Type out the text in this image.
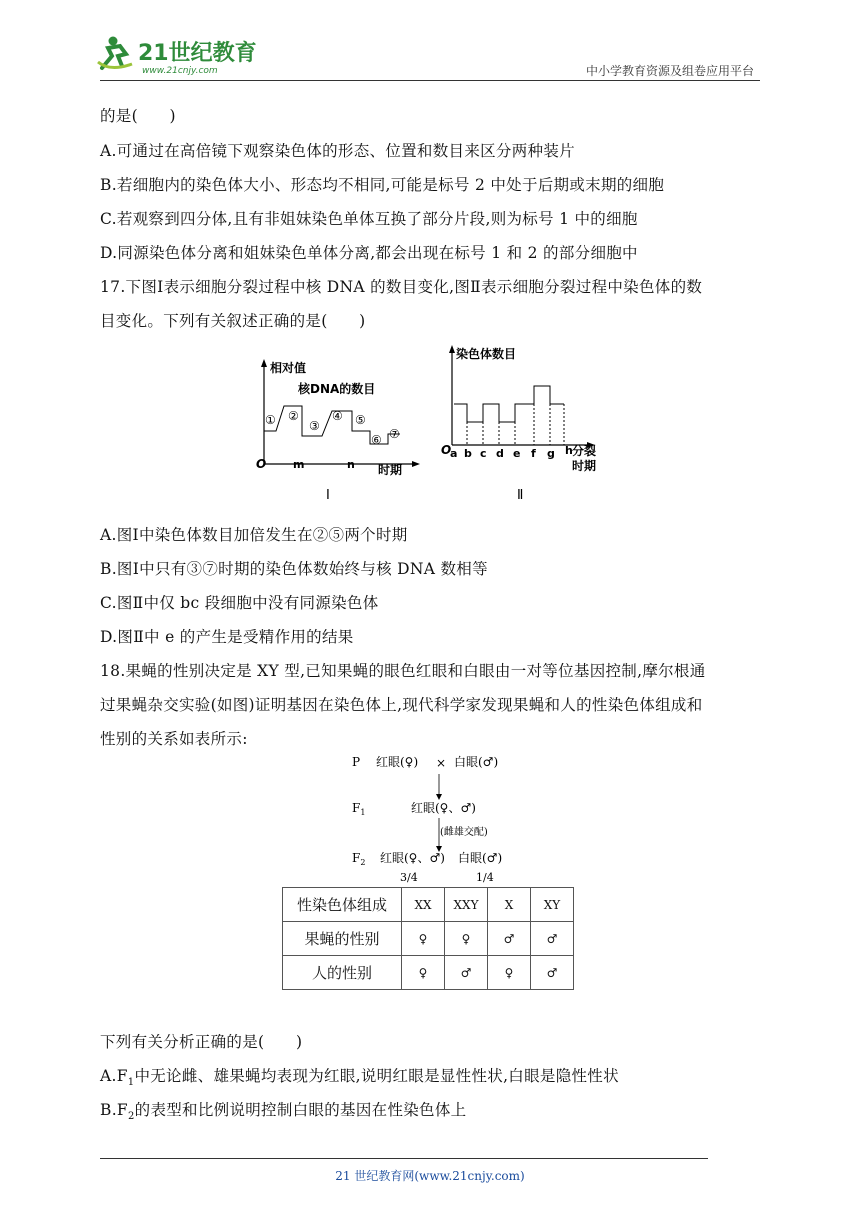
21世纪教育
www.21cnjy.com	中小学教育资源及组卷应用平台
的是(　　)
A.可通过在高倍镜下观察染色体的形态、位置和数目来区分两种装片
B.若细胞内的染色体大小、形态均不相同,可能是标号 2 中处于后期或末期的细胞
C.若观察到四分体,且有非姐妹染色单体互换了部分片段,则为标号 1 中的细胞
D.同源染色体分离和姐妹染色单体分离,都会出现在标号 1 和 2 的部分细胞中
17.下图Ⅰ表示细胞分裂过程中核 DNA 的数目变化,图Ⅱ表示细胞分裂过程中染色体的数
目变化。下列有关叙述正确的是(　　)
相对值
核DNA的数目
① ②
③
④ ⑤
⑥ ⑦
O m	n 时期
Ⅰ
染色体数目
O
a b c d e f g h 分裂
时期
Ⅱ
A.图Ⅰ中染色体数目加倍发生在②⑤两个时期
B.图Ⅰ中只有③⑦时期的染色体数始终与核 DNA 数相等
C.图Ⅱ中仅 bc 段细胞中没有同源染色体
D.图Ⅱ中 e 的产生是受精作用的结果
18.果蝇的性别决定是 XY 型,已知果蝇的眼色红眼和白眼由一对等位基因控制,摩尔根通
过果蝇杂交实验(如图)证明基因在染色体上,现代科学家发现果蝇和人的性染色体组成和
性别的关系如表所示:
P 红眼(♀) × 白眼(♂)
$F_1$	红眼(♀、♂)
(雌雄交配)
$F_2$ 红眼(♀、♂) 白眼(♂)
3/4	1/4
性染色体组成	XX	XXY	X	XY
果蝇的性别	♀	♀	♂	♂
人的性别	♀	♂	♀	♂
下列有关分析正确的是(　　)
$A.F_1$中无论雌、雄果蝇均表现为红眼,说明红眼是显性性状,白眼是隐性性状
$B.F_2$的表型和比例说明控制白眼的基因在性染色体上
21 世纪教育网(www.21cnjy.com)
